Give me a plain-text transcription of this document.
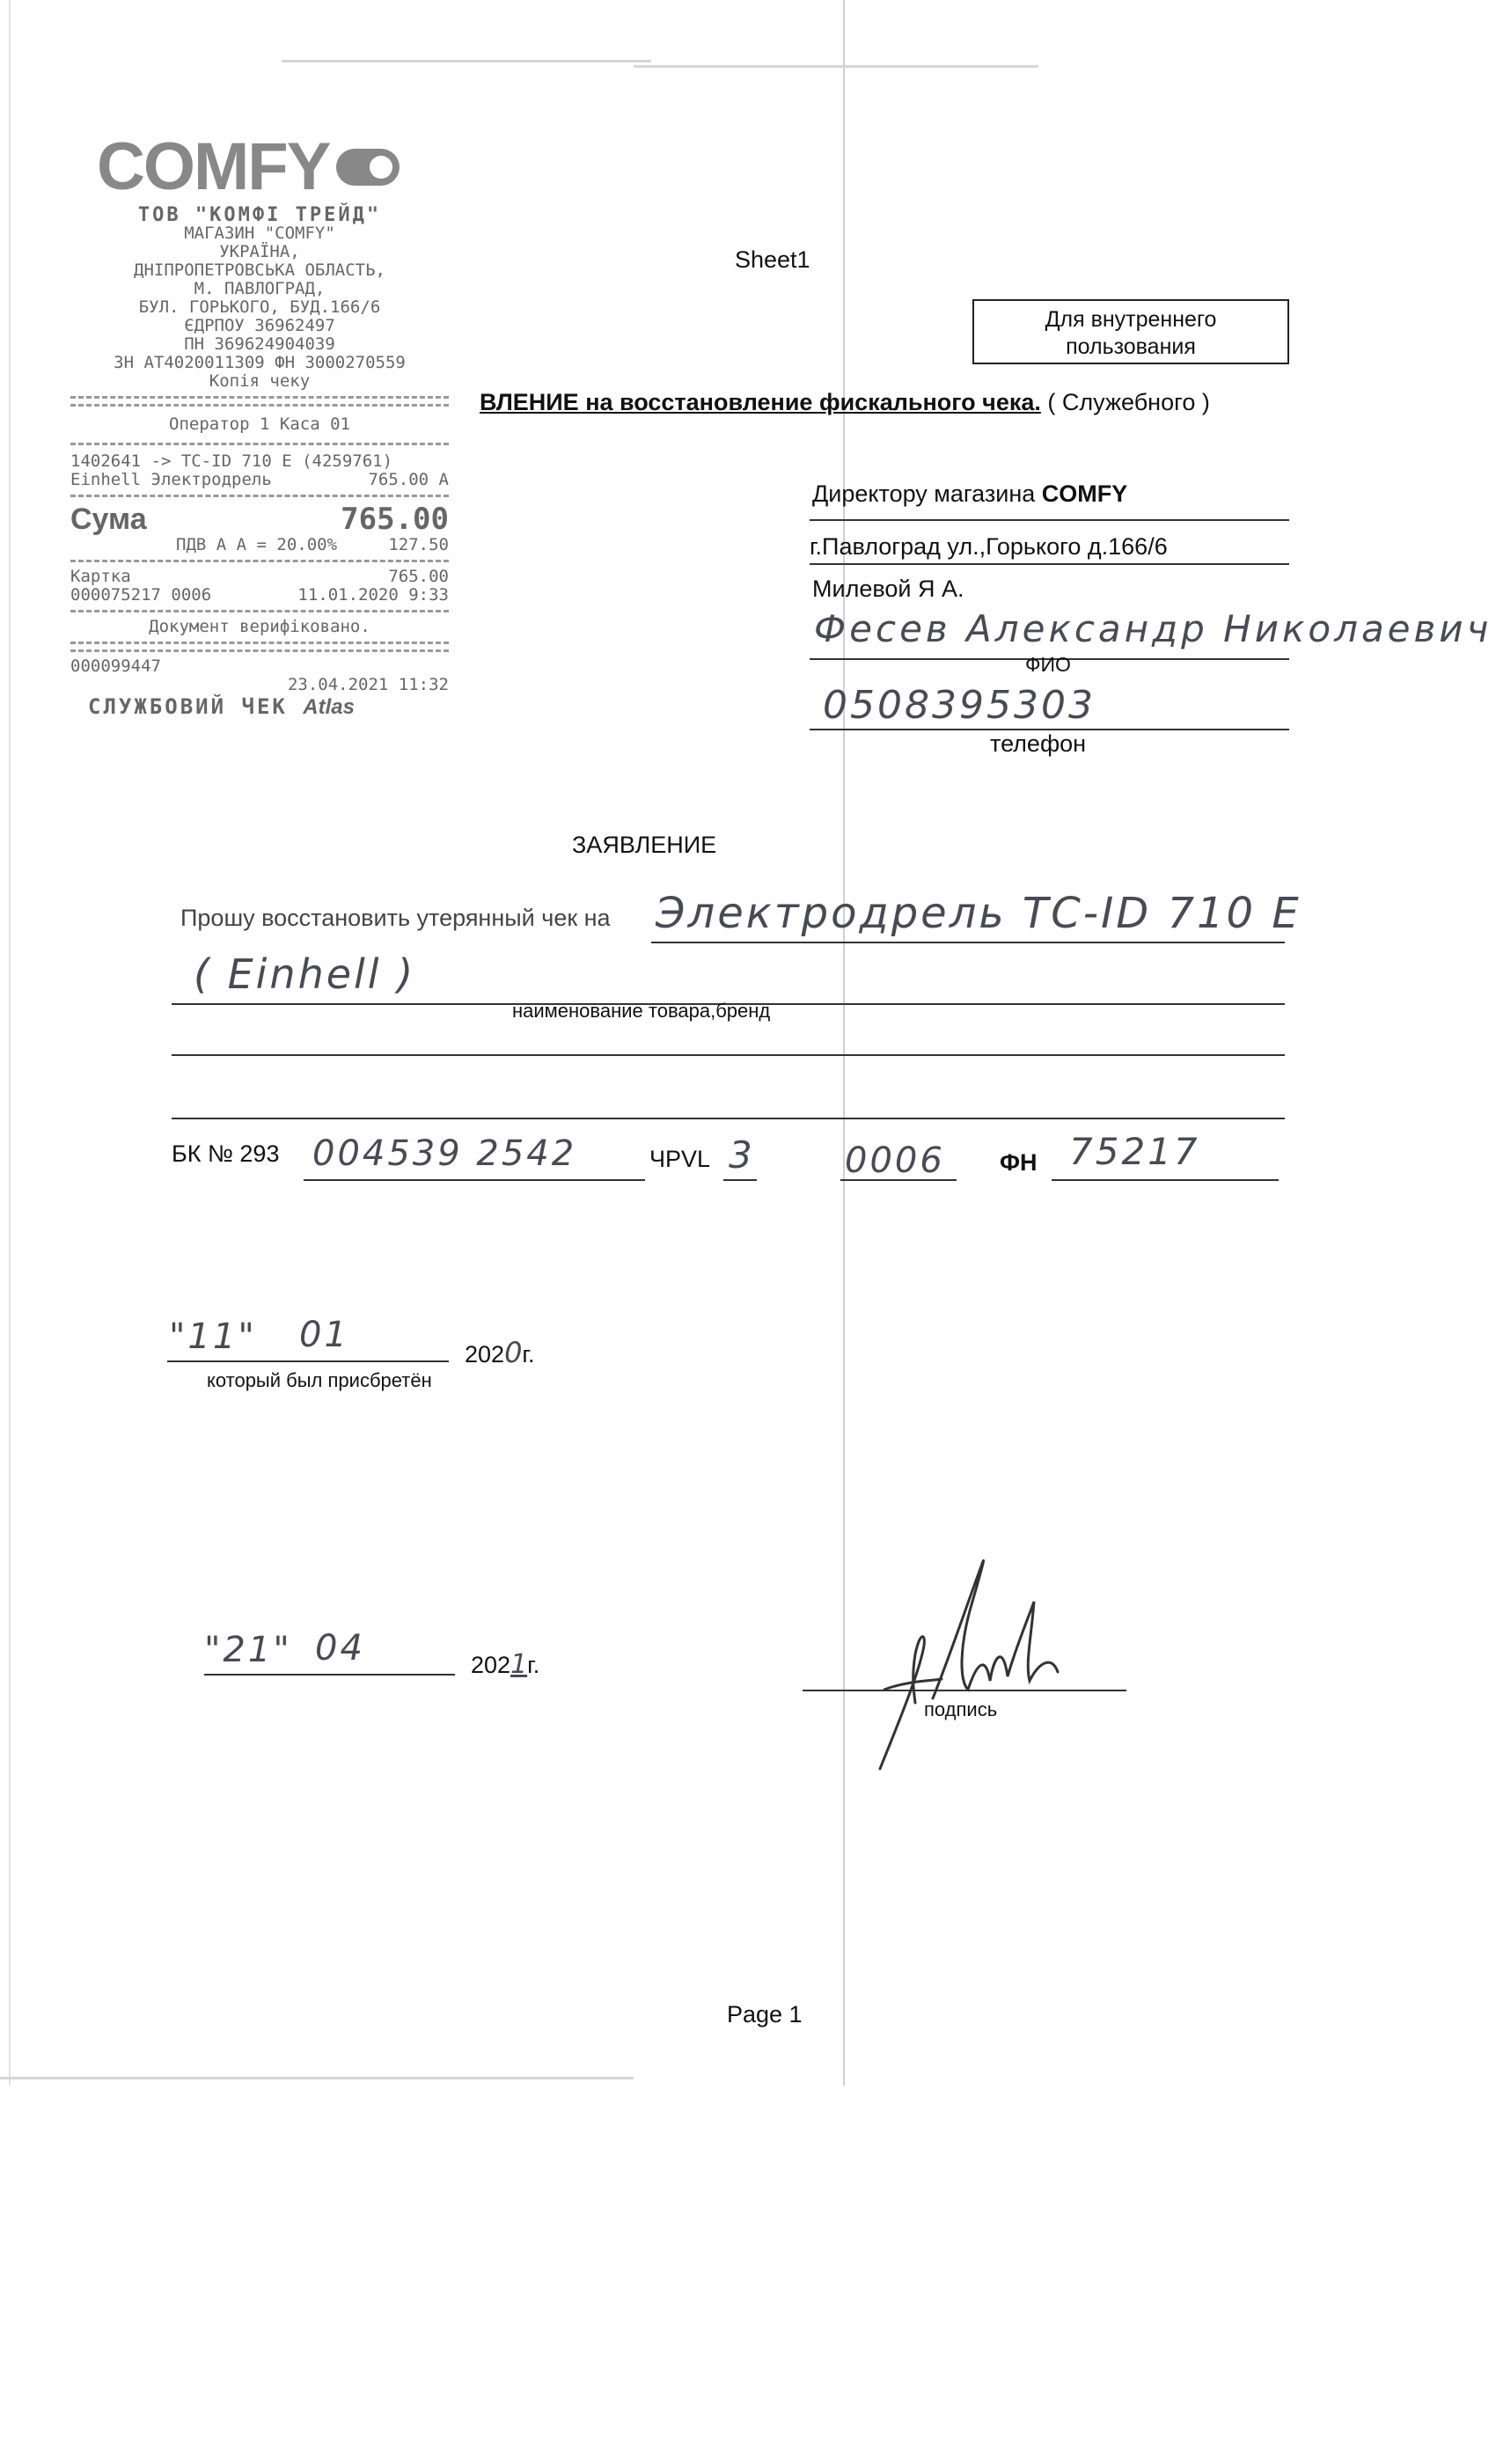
COMFY
ТОВ "КОМФІ ТРЕЙД"
МАГАЗИН "COMFY"
УКРАЇНА,
ДНІПРОПЕТРОВСЬКА ОБЛАСТЬ,
М. ПАВЛОГРАД,
БУЛ. ГОРЬКОГО, БУД.166/6
ЄДРПОУ 36962497
ПН 369624904039
ЗН АТ4020011309 ФН 3000270559
Копія чеку
Оператор 1 Каса 01
1402641 -> ТС-ID 710 E (4259761)
Einhell Электродрель	765.00 А
Сума	765.00
ПДВ А А = 20.00%	127.50
Картка	765.00
000075217 0006	11.01.2020 9:33
Документ верифіковано.
000099447
23.04.2021 11:32
СЛУЖБОВИЙ ЧЕК Atlas
Sheet1
Для внутреннего
пользования
ВЛЕНИЕ на восстановление фискального чека. ( Служебного )
Директору магазина COMFY
г.Павлоград ул.,Горького д.166/6
Милевой Я А.
Фесев Александр Николаевич
ФИО
0508395303
телефон
ЗАЯВЛЕНИЕ
Прошу восстановить утерянный чек на Электродрель ТС-ID 710 E
( Einhell )
наименование товара,бренд
БК № 293 004539 2542	ЧРVL 3	0006 ФН 75217
"11" 01	2020г.
который был присбретён
"21" 04	2021г.
подпись
Page 1
